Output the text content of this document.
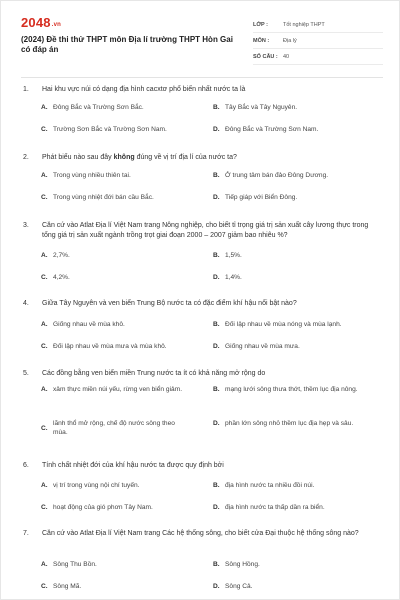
2048.vn
(2024) Đề thi thử THPT môn Địa lí trường THPT Hòn Gai có đáp án
LỚP :	Tốt nghiệp THPT
MÔN :	Địa lý
SỐ CÂU : 40
1.	Hai khu vực núi có dạng địa hình cacxtơ phổ biến nhất nước ta là
A. Đông Bắc và Trường Sơn Bắc.	B. Tây Bắc và Tây Nguyên.
C. Trường Sơn Bắc và Trường Sơn Nam.	D. Đông Bắc và Trường Sơn Nam.
2.	Phát biểu nào sau đây không đúng về vị trí địa lí của nước ta?
A. Trong vùng nhiều thiên tai.	B. Ở trung tâm bán đảo Đông Dương.
C. Trong vùng nhiệt đới bán cầu Bắc.	D. Tiếp giáp với Biển Đông.
3.	Căn cứ vào Atlat Địa lí Việt Nam trang Nông nghiệp, cho biết tỉ trọng giá trị sản xuất cây lương thực trong tổng giá trị sản xuất ngành trồng trọt giai đoạn 2000 – 2007 giảm bao nhiêu %?
A. 2,7%.	B. 1,5%.
C. 4,2%.	D. 1,4%.
4.	Giữa Tây Nguyên và ven biển Trung Bộ nước ta có đặc điểm khí hậu nổi bật nào?
A. Giống nhau về mùa khô.	B. Đối lập nhau về mùa nóng và mùa lạnh.
C. Đối lập nhau về mùa mưa và mùa khô.	D. Giống nhau về mùa mưa.
5.	Các đồng bằng ven biển miền Trung nước ta ít có khả năng mở rộng do
A. xâm thực miền núi yếu, rừng ven biển giảm.	B. mạng lưới sông thưa thớt, thềm lục địa nông.
C.
lãnh thổ mở rộng, chế độ nước sông theo mùa.
D. phần lớn sông nhỏ thềm lục địa hẹp và sâu.
6.	Tính chất nhiệt đới của khí hậu nước ta được quy định bởi
A. vị trí trong vùng nội chí tuyến.	B. địa hình nước ta nhiều đồi núi.
C. hoạt động của gió phơn Tây Nam.	D. địa hình nước ta thấp dần ra biển.
7.	Căn cứ vào Atlat Địa lí Việt Nam trang Các hệ thống sông, cho biết cửa Đại thuộc hệ thống sông nào?
A. Sông Thu Bồn.	B. Sông Hồng.
C. Sông Mã.	D. Sông Cả.
